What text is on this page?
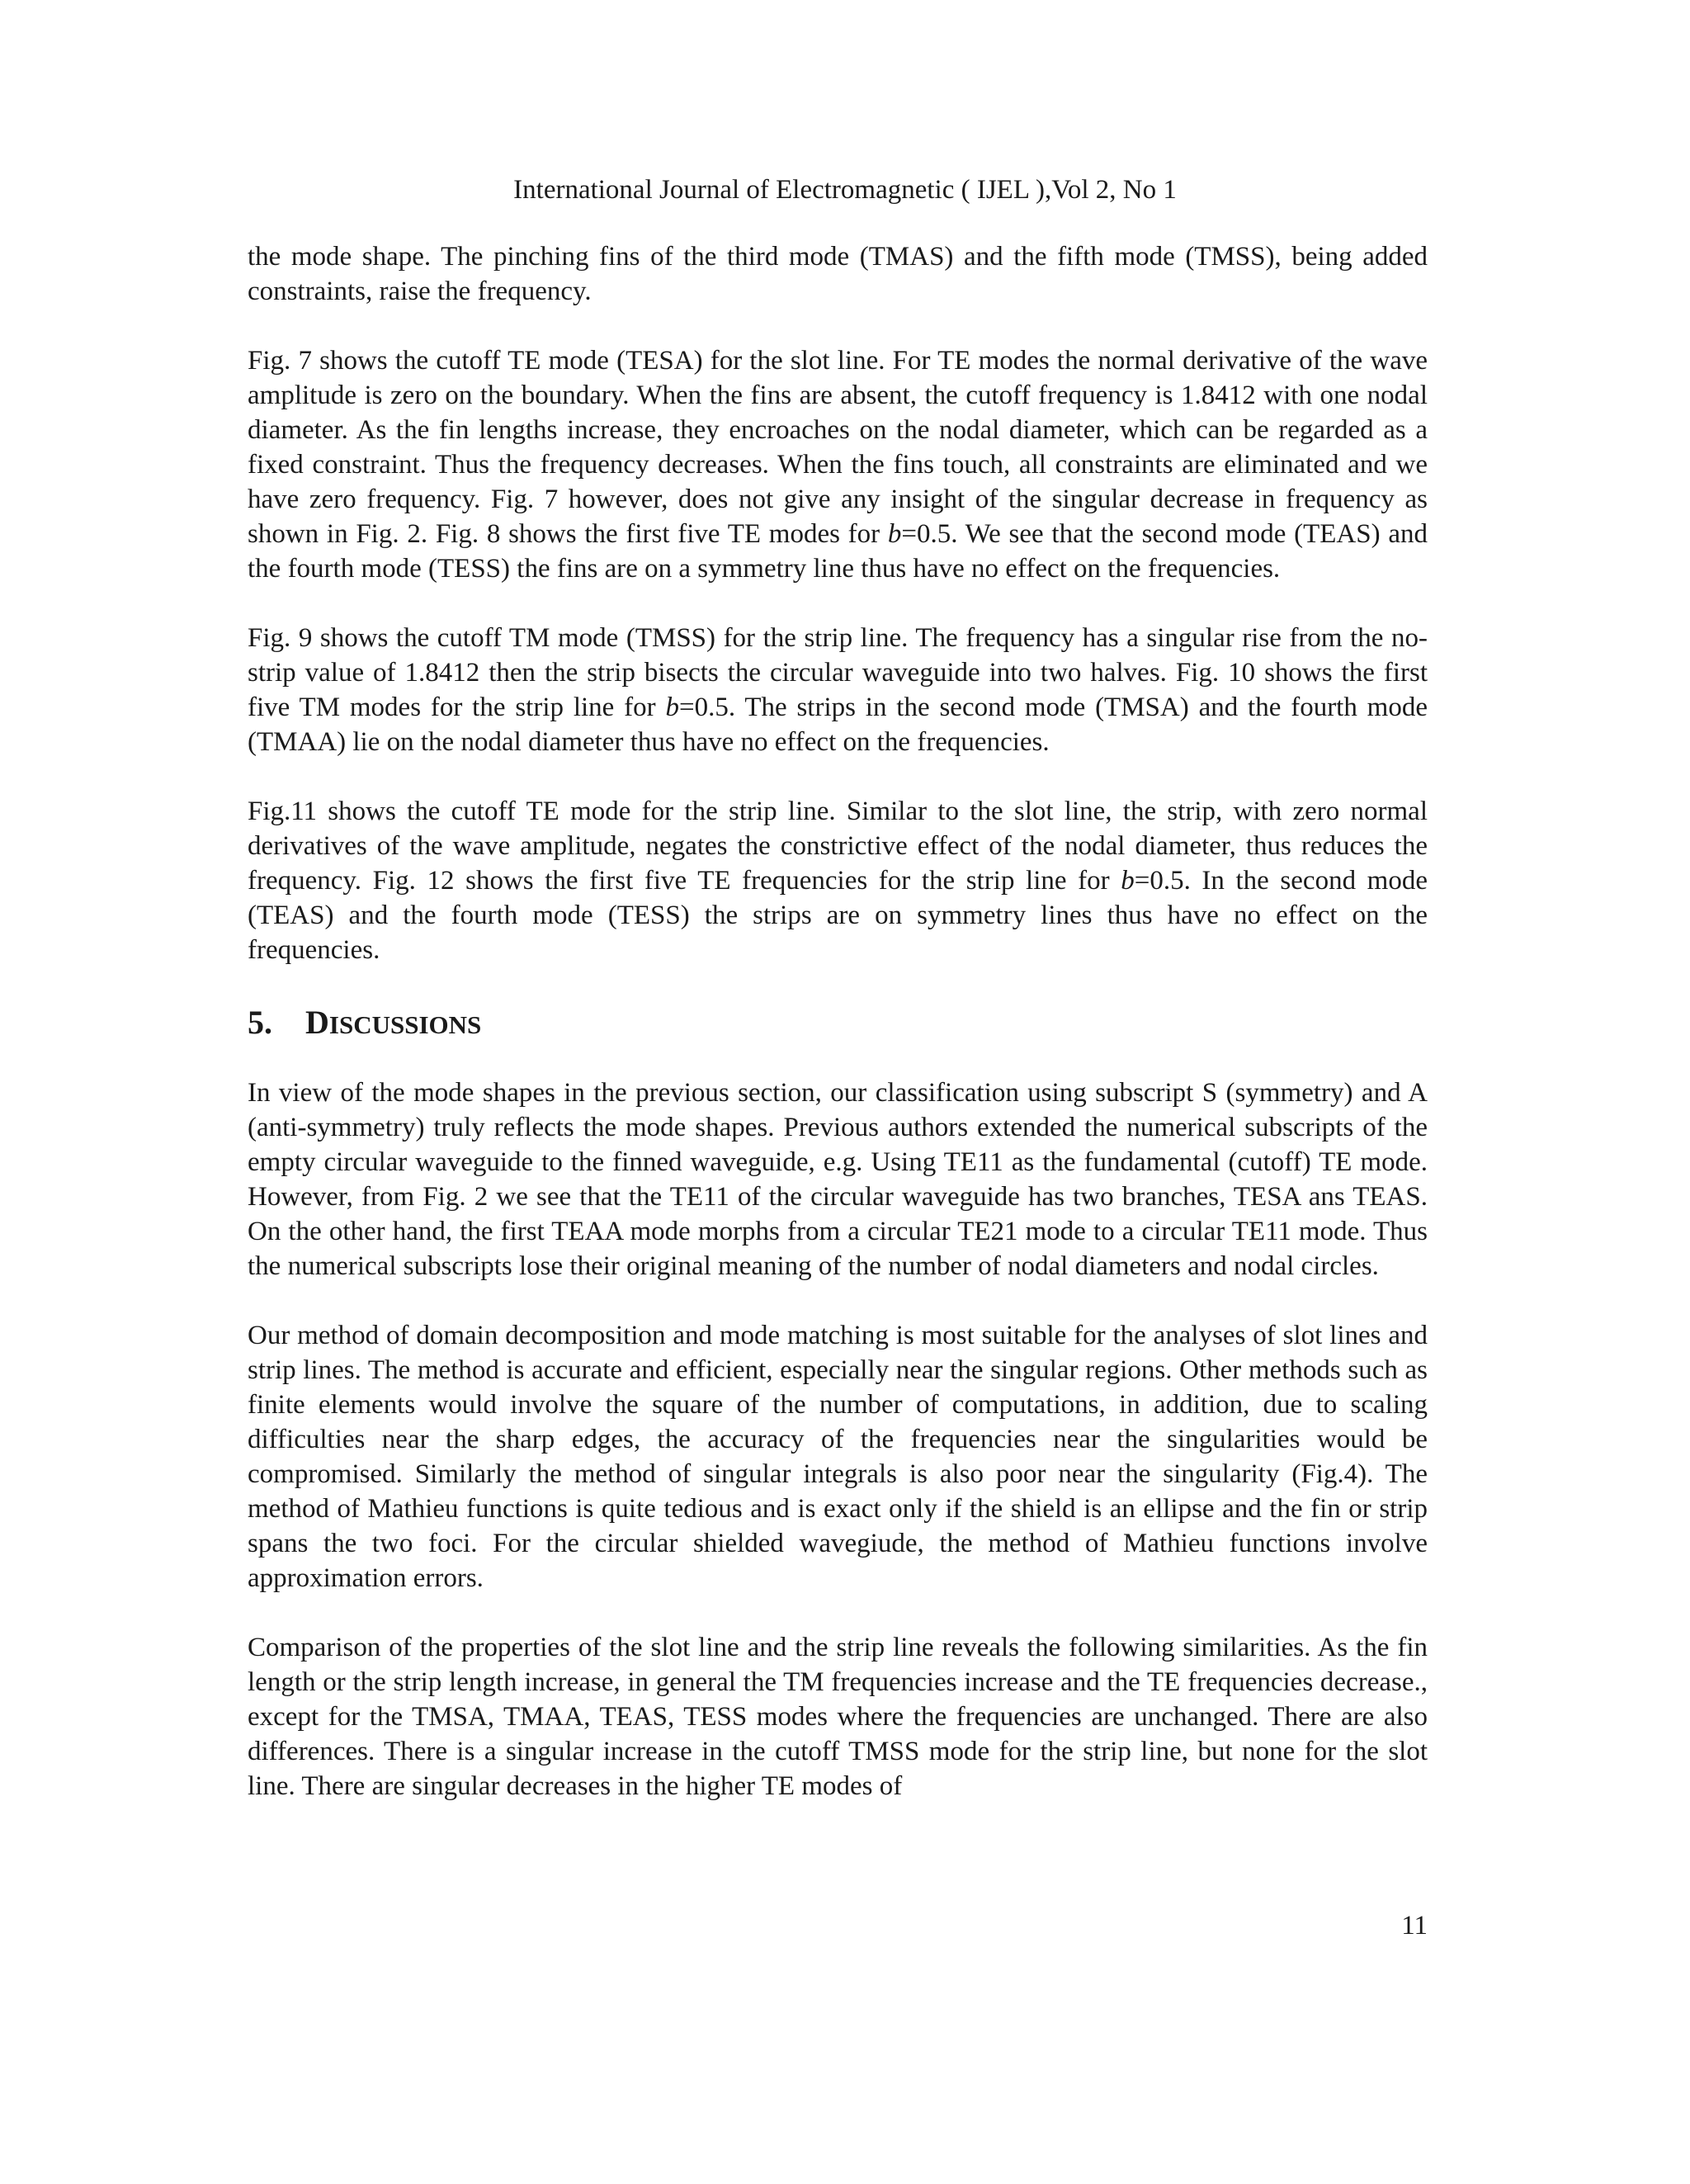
International Journal of Electromagnetic ( IJEL ),Vol 2, No 1

the mode shape. The pinching fins of the third mode (TMAS) and the fifth mode (TMSS), being added constraints, raise the frequency.

Fig. 7 shows the cutoff TE mode (TESA) for the slot line. For TE modes the normal derivative of the wave amplitude is zero on the boundary. When the fins are absent, the cutoff frequency is 1.8412 with one nodal diameter. As the fin lengths increase, they encroaches on the nodal diameter, which can be regarded as a fixed constraint. Thus the frequency decreases. When the fins touch, all constraints are eliminated and we have zero frequency. Fig. 7 however, does not give any insight of the singular decrease in frequency as shown in Fig. 2. Fig. 8 shows the first five TE modes for b=0.5. We see that the second mode (TEAS) and the fourth mode (TESS) the fins are on a symmetry line thus have no effect on the frequencies.

Fig. 9 shows the cutoff TM mode (TMSS) for the strip line. The frequency has a singular rise from the no-strip value of 1.8412 then the strip bisects the circular waveguide into two halves. Fig. 10 shows the first five TM modes for the strip line for b=0.5. The strips in the second mode (TMSA) and the fourth mode (TMAA) lie on the nodal diameter thus have no effect on the frequencies.

Fig.11 shows the cutoff TE mode for the strip line. Similar to the slot line, the strip, with zero normal derivatives of the wave amplitude, negates the constrictive effect of the nodal diameter, thus reduces the frequency. Fig. 12 shows the first five TE frequencies for the strip line for b=0.5. In the second mode (TEAS) and the fourth mode (TESS) the strips are on symmetry lines thus have no effect on the frequencies.

5. DISCUSSIONS

In view of the mode shapes in the previous section, our classification using subscript S (symmetry) and A (anti-symmetry) truly reflects the mode shapes. Previous authors extended the numerical subscripts of the empty circular waveguide to the finned waveguide, e.g. Using TE11 as the fundamental (cutoff) TE mode. However, from Fig. 2 we see that the TE11 of the circular waveguide has two branches, TESA ans TEAS. On the other hand, the first TEAA mode morphs from a circular TE21 mode to a circular TE11 mode. Thus the numerical subscripts lose their original meaning of the number of nodal diameters and nodal circles.

Our method of domain decomposition and mode matching is most suitable for the analyses of slot lines and strip lines. The method is accurate and efficient, especially near the singular regions. Other methods such as finite elements would involve the square of the number of computations, in addition, due to scaling difficulties near the sharp edges, the accuracy of the frequencies near the singularities would be compromised. Similarly the method of singular integrals is also poor near the singularity (Fig.4). The method of Mathieu functions is quite tedious and is exact only if the shield is an ellipse and the fin or strip spans the two foci. For the circular shielded wavegiude, the method of Mathieu functions involve approximation errors.

Comparison of the properties of the slot line and the strip line reveals the following similarities. As the fin length or the strip length increase, in general the TM frequencies increase and the TE frequencies decrease., except for the TMSA, TMAA, TEAS, TESS modes where the frequencies are unchanged. There are also differences. There is a singular increase in the cutoff TMSS mode for the strip line, but none for the slot line. There are singular decreases in the higher TE modes of

11
